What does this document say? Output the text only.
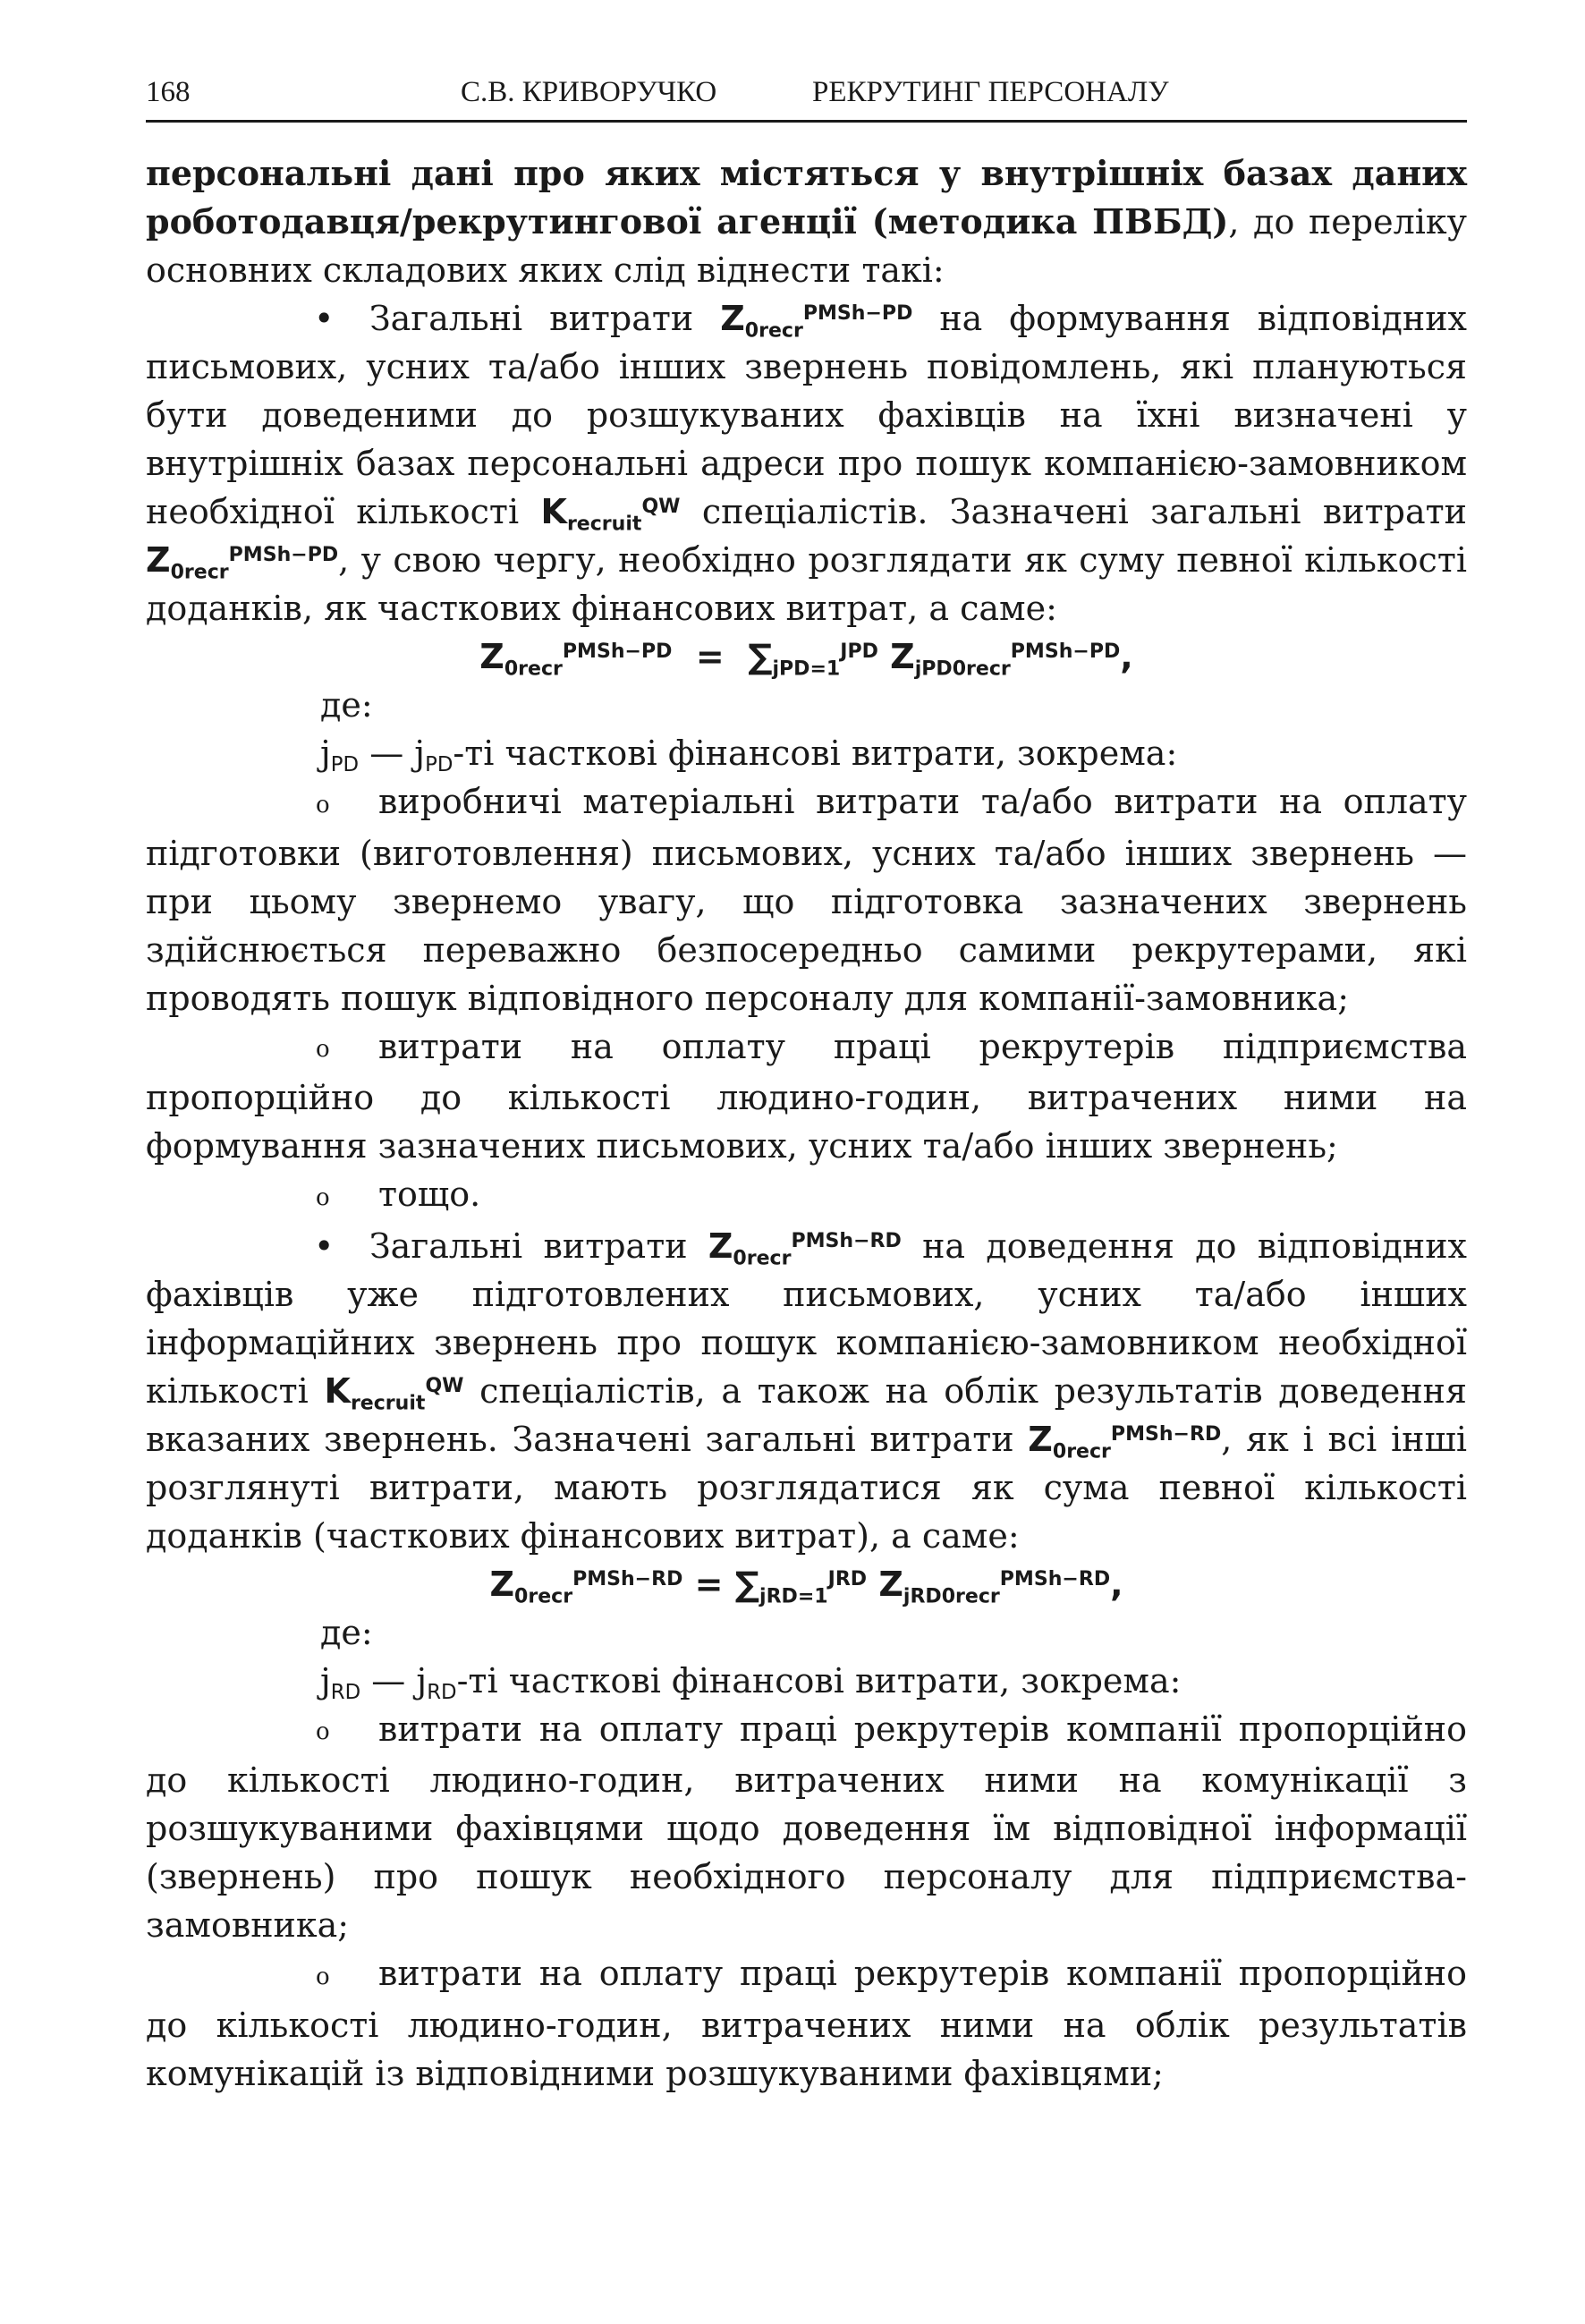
168	С.В. КРИВОРУЧКО	РЕКРУТИНГ ПЕРСОНАЛУ

персональні дані про яких містяться у внутрішніх базах даних роботодавця/рекрутингової агенції (методика ПВБД), до переліку основних складових яких слід віднести такі:

• Загальні витрати $Z_{0recr}^{PMSh-PD}$ на формування відповідних письмових, усних та/або інших звернень повідомлень, які плануються бути доведеними до розшукуваних фахівців на їхні визначені у внутрішніх базах персональні адреси про пошук компанією-замовником необхідної кількості $K_{recruit}^{QW}$ спеціалістів. Зазначені загальні витрати $Z_{0recr}^{PMSh-PD}$, у свою чергу, необхідно розглядати як суму певної кількості доданків, як часткових фінансових витрат, а саме:

$Z_{0recr}^{PMSh-PD} = \sum_{jPD=1}^{JPD}$ $Z_{jPD0recr}^{PMSh-PD}$,

де:

jPD — jPD-ті часткові фінансові витрати, зокрема:

o виробничі матеріальні витрати та/або витрати на оплату підготовки (виготовлення) письмових, усних та/або інших звернень — при цьому звернемо увагу, що підготовка зазначених звернень здійснюється переважно безпосередньо самими рекрутерами, які проводять пошук відповідного персоналу для компанії-замовника;

o витрати на оплату праці рекрутерів підприємства пропорційно до кількості людино-годин, витрачених ними на формування зазначених письмових, усних та/або інших звернень;

o тощо.

• Загальні витрати $Z_{0recr}^{PMSh-RD}$ на доведення до відповідних фахівців уже підготовлених письмових, усних та/або інших інформаційних звернень про пошук компанією-замовником необхідної кількості $K_{recruit}^{QW}$ спеціалістів, а також на облік результатів доведення вказаних звернень. Зазначені загальні витрати $Z_{0recr}^{PMSh-RD}$, як і всі інші розглянуті витрати, мають розглядатися як сума певної кількості доданків (часткових фінансових витрат), а саме:

$Z_{0recr}^{PMSh-RD} = \sum_{jRD=1}^{JRD}$ $Z_{jRD0recr}^{PMSh-RD}$,

де:

jRD — jRD-ті часткові фінансові витрати, зокрема:

o витрати на оплату праці рекрутерів компанії пропорційно до кількості людино-годин, витрачених ними на комунікації з розшукуваними фахівцями щодо доведення їм відповідної інформації (звернень) про пошук необхідного персоналу для підприємства-замовника;

o витрати на оплату праці рекрутерів компанії пропорційно до кількості людино-годин, витрачених ними на облік результатів комунікацій із відповідними розшукуваними фахівцями;
